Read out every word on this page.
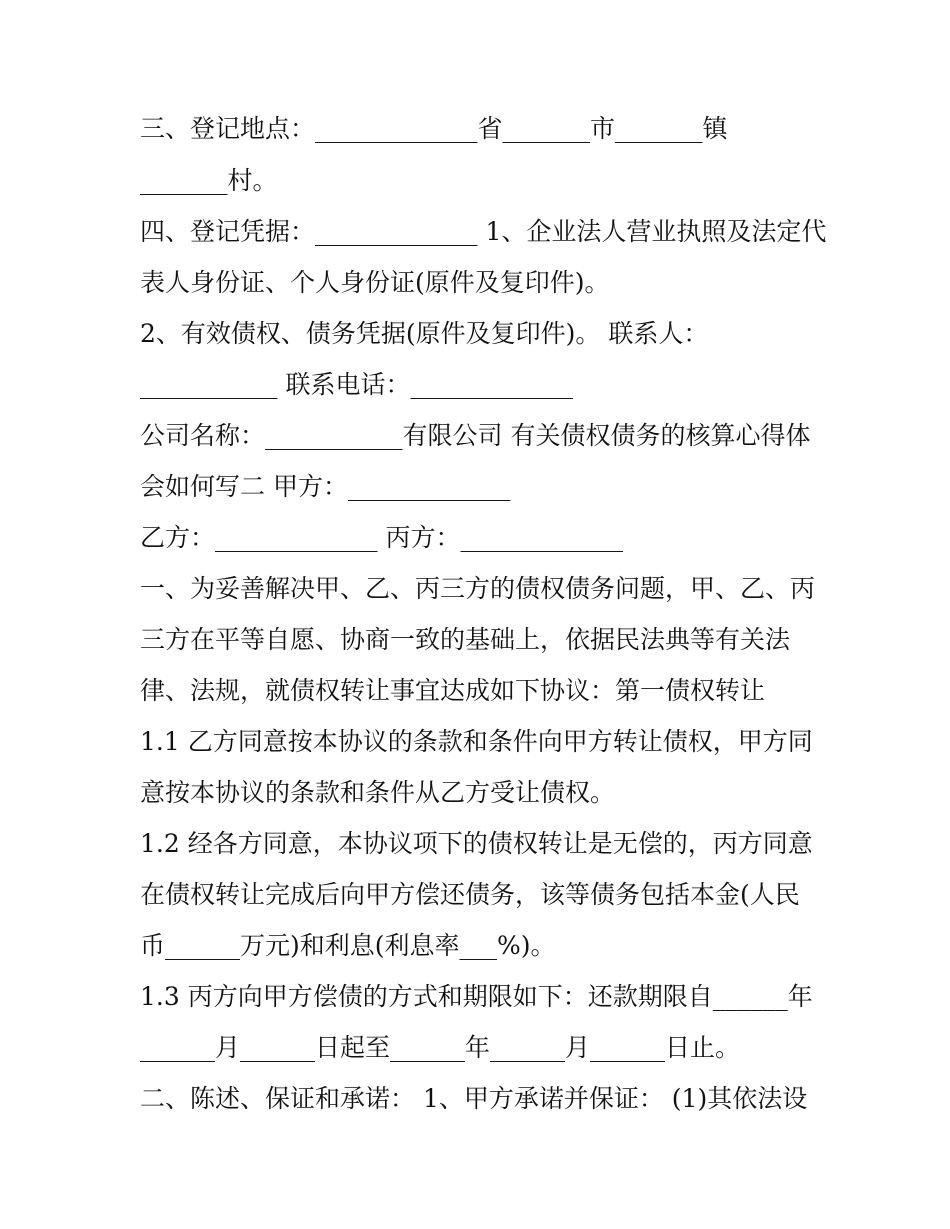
三、登记地点：_____________省_______市_______镇

_______村。

四、登记凭据：_____________ 1、企业法人营业执照及法定代

表人身份证、个人身份证(原件及复印件)。

2、有效债权、债务凭据(原件及复印件)。 联系人：

___________ 联系电话：_____________

公司名称：___________有限公司 有关债权债务的核算心得体

会如何写二 甲方：_____________

乙方：_____________ 丙方：_____________

一、为妥善解决甲、乙、丙三方的债权债务问题，甲、乙、丙

三方在平等自愿、协商一致的基础上，依据民法典等有关法

律、法规，就债权转让事宜达成如下协议：第一债权转让

1.1 乙方同意按本协议的条款和条件向甲方转让债权，甲方同

意按本协议的条款和条件从乙方受让债权。

1.2 经各方同意，本协议项下的债权转让是无偿的，丙方同意

在债权转让完成后向甲方偿还债务，该等债务包括本金(人民

币______万元)和利息(利息率___%)。

1.3 丙方向甲方偿债的方式和期限如下：还款期限自______年

______月______日起至______年______月______日止。

二、陈述、保证和承诺： 1、甲方承诺并保证： (1)其依法设
